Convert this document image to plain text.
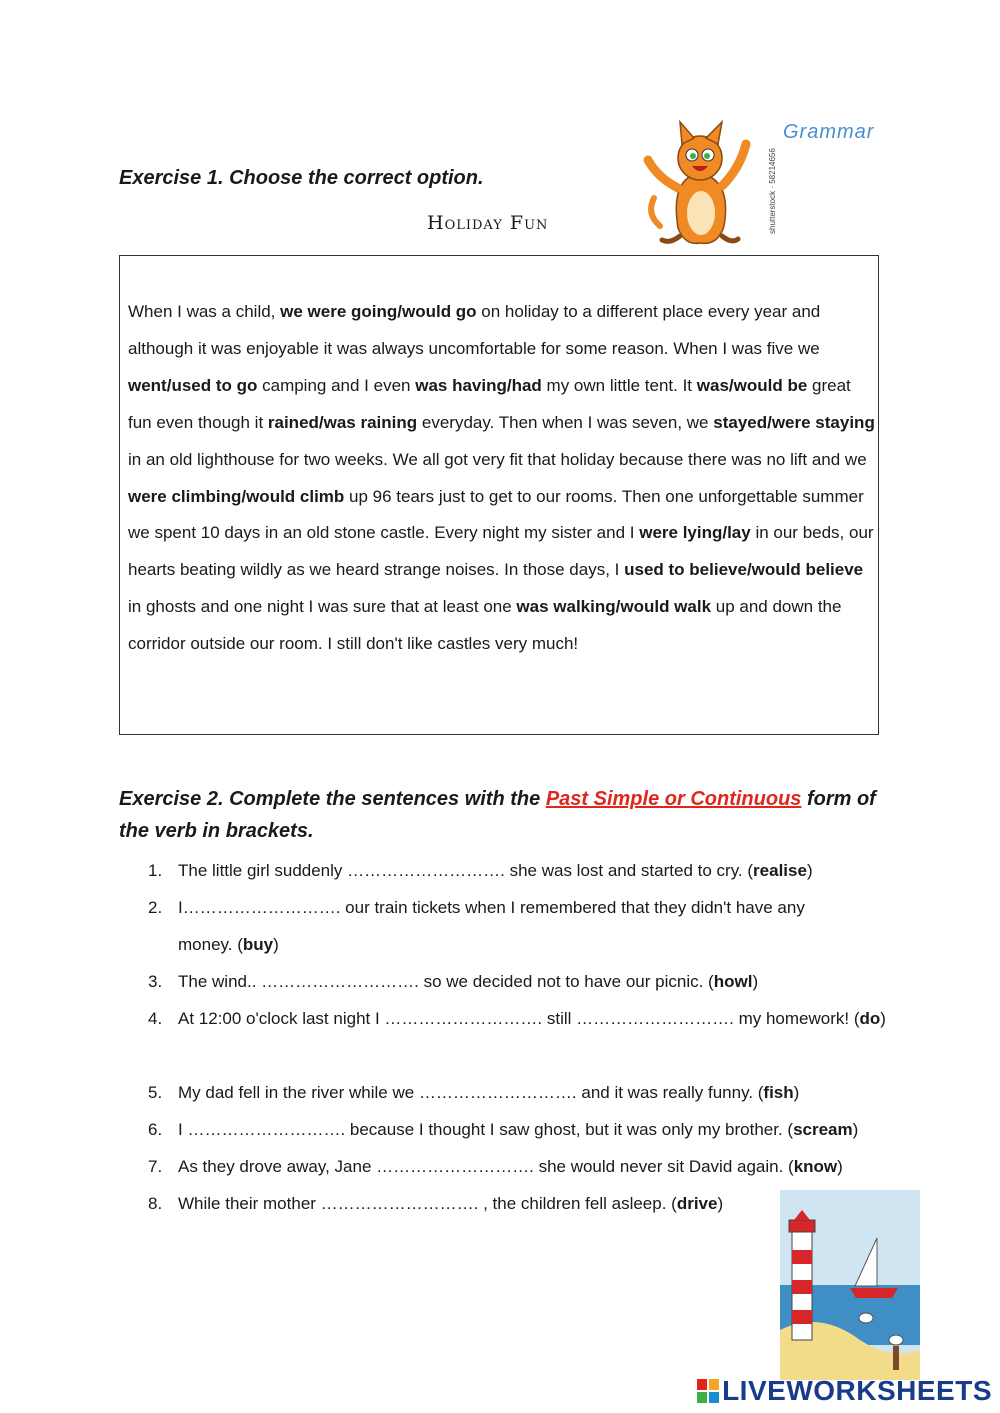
shutterstock · 58214656
Grammar
Exercise 1. Choose the correct option.
Holiday Fun
When I was a child, we were going/would go on holiday to a different place every year and although it was enjoyable it was always uncomfortable for some reason. When I was five we went/used to go camping and I even was having/had my own little tent. It was/would be great fun even though it rained/was raining everyday. Then when I was seven, we stayed/were staying in an old lighthouse for two weeks. We all got very fit that holiday because there was no lift and we were climbing/would climb up 96 tears just to get to our rooms. Then one unforgettable summer we spent 10 days in an old stone castle. Every night my sister and I were lying/lay in our beds, our hearts beating wildly as we heard strange noises. In those days, I used to believe/would believe in ghosts and one night I was sure that at least one was walking/would walk up and down the corridor outside our room. I still don't like castles very much!
Exercise 2. Complete the sentences with the Past Simple or Continuous form of the verb in brackets.
1. The little girl suddenly ………………………. she was lost and started to cry. (realise)
2. I………………………. our train tickets when I remembered that they didn't have any
money. (buy)
3. The wind.. ………………………. so we decided not to have our picnic. (howl)
4. At 12:00 o'clock last night I ………………………. still ………………………. my homework! (do)
5. My dad fell in the river while we ………………………. and it was really funny. (fish)
6. I ………………………. because I thought I saw ghost, but it was only my brother. (scream)
7. As they drove away, Jane ………………………. she would never sit David again. (know)
8. While their mother ………………………. , the children fell asleep. (drive)
LIVEWORKSHEETS
